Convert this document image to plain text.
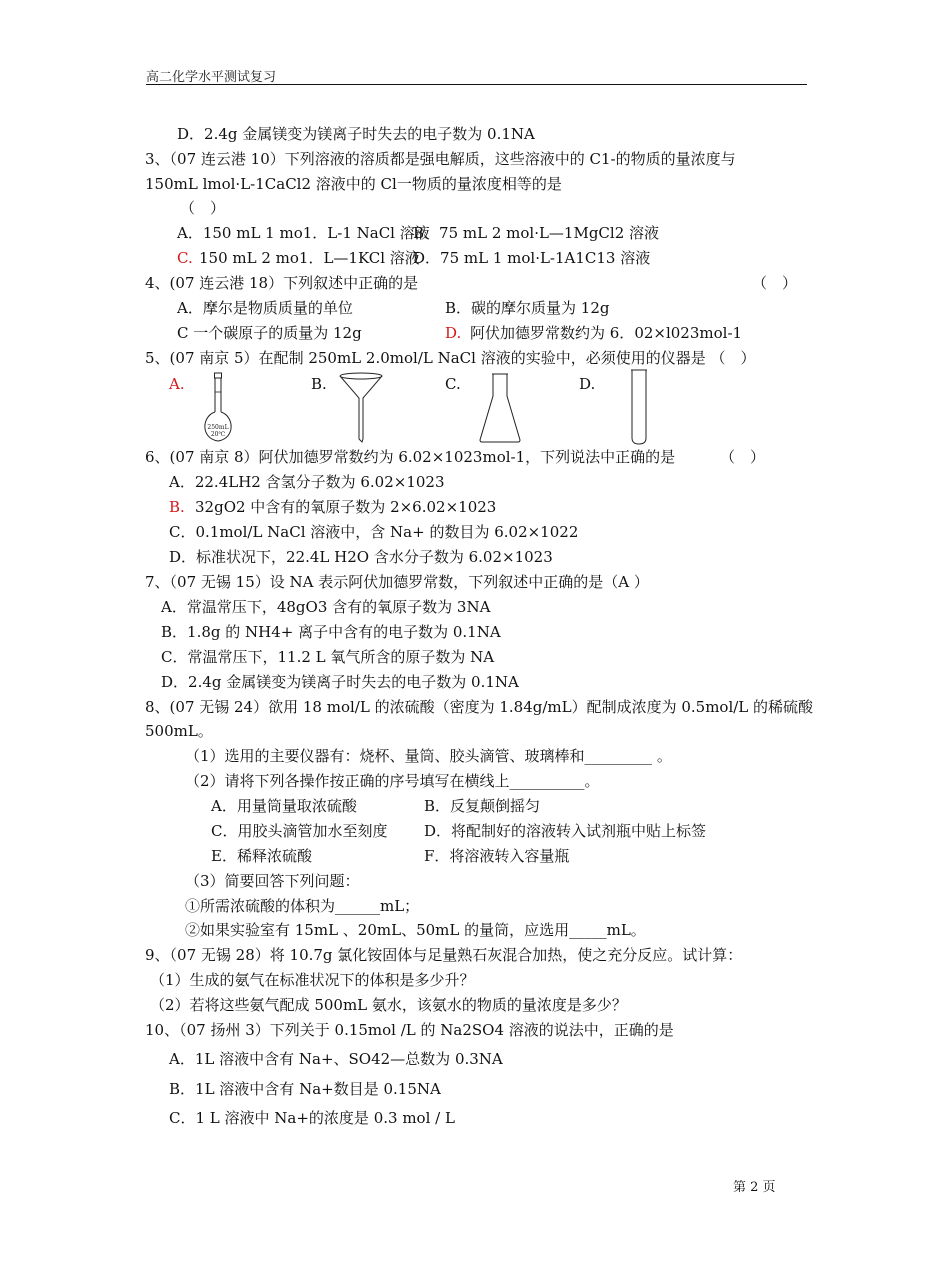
高二化学水平测试复习
D．2.4g 金属镁变为镁离子时失去的电子数为 0.1NA
3、（07 连云港 10）下列溶液的溶质都是强电解质，这些溶液中的 C1-的物质的量浓度与
150mL lmol·L-1CaCl2 溶液中的 Cl一物质的量浓度相等的是
（　）
A．150 mL 1 mo1．L-1 NaCl 溶液
B．75 mL 2 mol·L—1MgCl2 溶液
C. 150 mL 2 mo1．L—1KCl 溶液
D．75 mL 1 mol·L-1A1C13 溶液
4、(07 连云港 18）下列叙述中正确的是	（　）
A．摩尔是物质质量的单位	B．碳的摩尔质量为 12g
C 一个碳原子的质量为 12g	D. 阿伏加德罗常数约为 6．02×l023mol-1
5、(07 南京 5）在配制 250mL 2.0mol/L NaCl 溶液的实验中，必须使用的仪器是 （　）
A.	B.	C.	D.
250mL
20℃
6、(07 南京 8）阿伏加德罗常数约为 6.02×1023mol-1，下列说法中正确的是	（　）
A．22.4LH2 含氢分子数为 6.02×1023
B. 32gO2 中含有的氧原子数为 2×6.02×1023
C．0.1mol/L NaCl 溶液中，含 Na+ 的数目为 6.02×1022
D．标准状况下，22.4L H2O 含水分子数为 6.02×1023
7、（07 无锡 15）设 NA 表示阿伏加德罗常数，下列叙述中正确的是（A ）
A．常温常压下，48gO3 含有的氧原子数为 3NA
B．1.8g 的 NH4+ 离子中含有的电子数为 0.1NA
C．常温常压下，11.2 L 氧气所含的原子数为 NA
D．2.4g 金属镁变为镁离子时失去的电子数为 0.1NA
8、(07 无锡 24）欲用 18 mol/L 的浓硫酸（密度为 1.84g/mL）配制成浓度为 0.5mol/L 的稀硫酸
500mL。
（1）选用的主要仪器有：烧杯、量筒、胶头滴管、玻璃棒和_________ 。
（2）请将下列各操作按正确的序号填写在横线上__________。
A．用量筒量取浓硫酸	B．反复颠倒摇匀
C．用胶头滴管加水至刻度 D．将配制好的溶液转入试剂瓶中贴上标签
E．稀释浓硫酸	F．将溶液转入容量瓶
（3）简要回答下列问题：
①所需浓硫酸的体积为______mL；
②如果实验室有 15mL 、20mL、50mL 的量筒，应选用_____mL。
9、（07 无锡 28）将 10.7g 氯化铵固体与足量熟石灰混合加热，使之充分反应。试计算：
（1）生成的氨气在标准状况下的体积是多少升？
（2）若将这些氨气配成 500mL 氨水，该氨水的物质的量浓度是多少？
10、（07 扬州 3）下列关于 0.15mol /L 的 Na2SO4 溶液的说法中，正确的是
A．1L 溶液中含有 Na+、SO42—总数为 0.3NA
B．1L 溶液中含有 Na+数目是 0.15NA
C．1 L 溶液中 Na+的浓度是 0.3 mol / L
第 2 页
